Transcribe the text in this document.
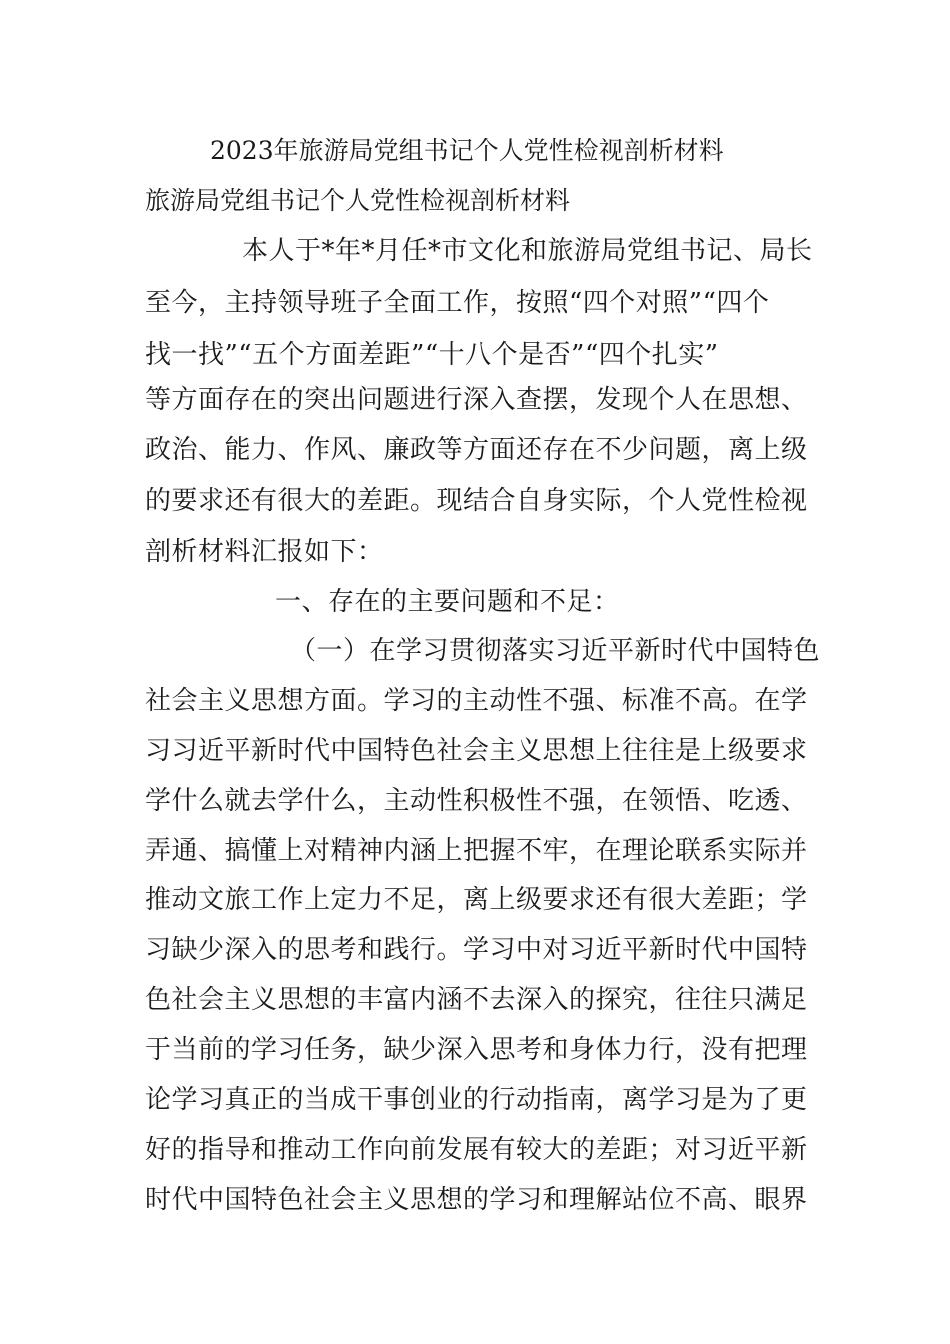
2023年旅游局党组书记个人党性检视剖析材料
旅游局党组书记个人党性检视剖析材料
本人于*年*月任*市文化和旅游局党组书记、局长
至今，主持领导班子全面工作，按照“四个对照”“四个
找一找”“五个方面差距”“十八个是否”“四个扎实”
等方面存在的突出问题进行深入查摆，发现个人在思想、
政治、能力、作风、廉政等方面还存在不少问题，离上级
的要求还有很大的差距。现结合自身实际，个人党性检视
剖析材料汇报如下：
一、存在的主要问题和不足：
（一）在学习贯彻落实习近平新时代中国特色
社会主义思想方面。学习的主动性不强、标准不高。在学
习习近平新时代中国特色社会主义思想上往往是上级要求
学什么就去学什么，主动性积极性不强，在领悟、吃透、
弄通、搞懂上对精神内涵上把握不牢，在理论联系实际并
推动文旅工作上定力不足，离上级要求还有很大差距；学
习缺少深入的思考和践行。学习中对习近平新时代中国特
色社会主义思想的丰富内涵不去深入的探究，往往只满足
于当前的学习任务，缺少深入思考和身体力行，没有把理
论学习真正的当成干事创业的行动指南，离学习是为了更
好的指导和推动工作向前发展有较大的差距；对习近平新
时代中国特色社会主义思想的学习和理解站位不高、眼界
